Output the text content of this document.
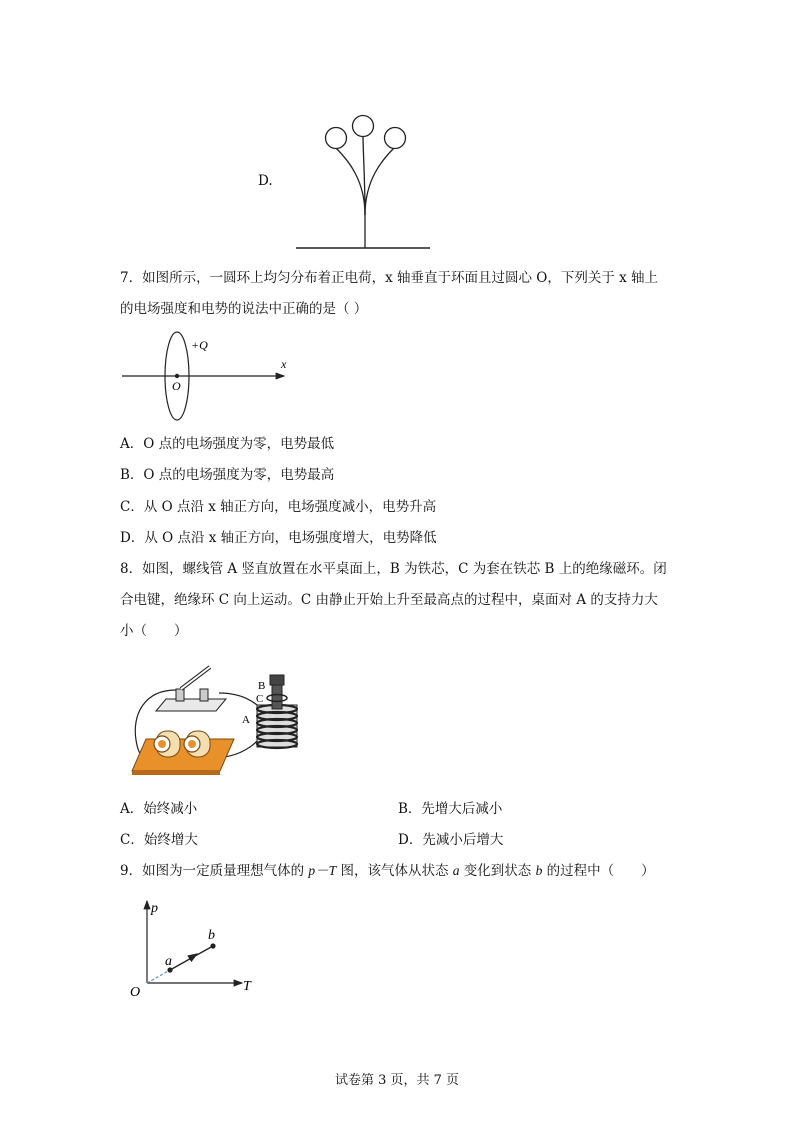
D.
7．如图所示，一圆环上均匀分布着正电荷，x 轴垂直于环面且过圆心 O，下列关于 x 轴上
的电场强度和电势的说法中正确的是（ ）
+Q
x
O
A．O 点的电场强度为零，电势最低
B．O 点的电场强度为零，电势最高
C．从 O 点沿 x 轴正方向，电场强度减小，电势升高
D．从 O 点沿 x 轴正方向，电场强度增大，电势降低
8．如图，螺线管 A 竖直放置在水平桌面上，B 为铁芯，C 为套在铁芯 B 上的绝缘磁环。闭
合电键，绝缘环 C 向上运动。C 由静止开始上升至最高点的过程中，桌面对 A 的支持力大
小（　　）
B
C
A
A．始终减小	B．先增大后减小
C．始终增大	D．先减小后增大
9．如图为一定质量理想气体的 p－T 图，该气体从状态 a 变化到状态 b 的过程中（　　）
p
T
O
a
b
试卷第 3 页，共 7 页
